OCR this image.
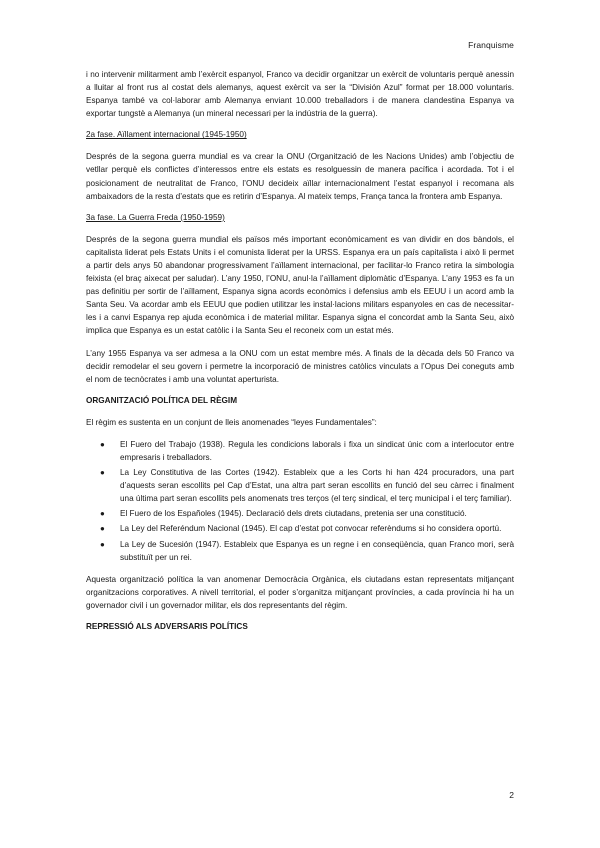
Franquisme

i no intervenir militarment amb l’exèrcit espanyol, Franco va decidir organitzar un exèrcit de voluntaris perquè anessin a lluitar al front rus al costat dels alemanys, aquest exèrcit va ser la “División Azul” format per 18.000 voluntaris. Espanya també va col·laborar amb Alemanya enviant 10.000 treballadors i de manera clandestina Espanya va exportar tungstè a Alemanya (un mineral necessari per la indústria de la guerra).

2a fase. Aïllament internacional (1945-1950)

Després de la segona guerra mundial es va crear la ONU (Organització de les Nacions Unides) amb l’objectiu de vetllar perquè els conflictes d’interessos entre els estats es resolguessin de manera pacífica i acordada. Tot i el posicionament de neutralitat de Franco, l’ONU decideix aïllar internacionalment l’estat espanyol i recomana als ambaixadors de la resta d’estats que es retirin d’Espanya. Al mateix temps, França tanca la frontera amb Espanya.

3a fase. La Guerra Freda (1950-1959)

Després de la segona guerra mundial els països més important econòmicament es van dividir en dos bàndols, el capitalista liderat pels Estats Units i el comunista liderat per la URSS. Espanya era un país capitalista i això li permet a partir dels anys 50 abandonar progressivament l’aïllament internacional, per facilitar-lo Franco retira la simbologia feixista (el braç aixecat per saludar). L’any 1950, l’ONU, anul·la l’aïllament diplomàtic d’Espanya. L’any 1953 es fa un pas definitiu per sortir de l’aïllament, Espanya signa acords econòmics i defensius amb els EEUU i un acord amb la Santa Seu. Va acordar amb els EEUU que podien utilitzar les instal·lacions militars espanyoles en cas de necessitar-les i a canvi Espanya rep ajuda econòmica i de material militar. Espanya signa el concordat amb la Santa Seu, això implica que Espanya es un estat catòlic i la Santa Seu el reconeix com un estat més.

L’any 1955 Espanya va ser admesa a la ONU com un estat membre més. A finals de la dècada dels 50 Franco va decidir remodelar el seu govern i permetre la incorporació de ministres catòlics vinculats a l’Opus Dei coneguts amb el nom de tecnòcrates i amb una voluntat aperturista.

ORGANITZACIÓ POLÍTICA DEL RÈGIM

El règim es sustenta en un conjunt de lleis anomenades “leyes Fundamentales”:

● El Fuero del Trabajo (1938). Regula les condicions laborals i fixa un sindicat únic com a interlocutor entre empresaris i treballadors.
● La Ley Constitutiva de las Cortes (1942). Estableix que a les Corts hi han 424 procuradors, una part d’aquests seran escollits pel Cap d’Estat, una altra part seran escollits en funció del seu càrrec i finalment una última part seran escollits pels anomenats tres terços (el terç sindical, el terç municipal i el terç familiar).
● El Fuero de los Españoles (1945). Declaració dels drets ciutadans, pretenia ser una constitució.
● La Ley del Referéndum Nacional (1945). El cap d’estat pot convocar referèndums si ho considera oportú.
● La Ley de Sucesión (1947). Estableix que Espanya es un regne i en conseqüència, quan Franco mori, serà substituït per un rei.

Aquesta organització política la van anomenar Democràcia Orgànica, els ciutadans estan representats mitjançant organitzacions corporatives. A nivell territorial, el poder s’organitza mitjançant províncies, a cada província hi ha un governador civil i un governador militar, els dos representants del règim.

REPRESSIÓ ALS ADVERSARIS POLÍTICS
2
